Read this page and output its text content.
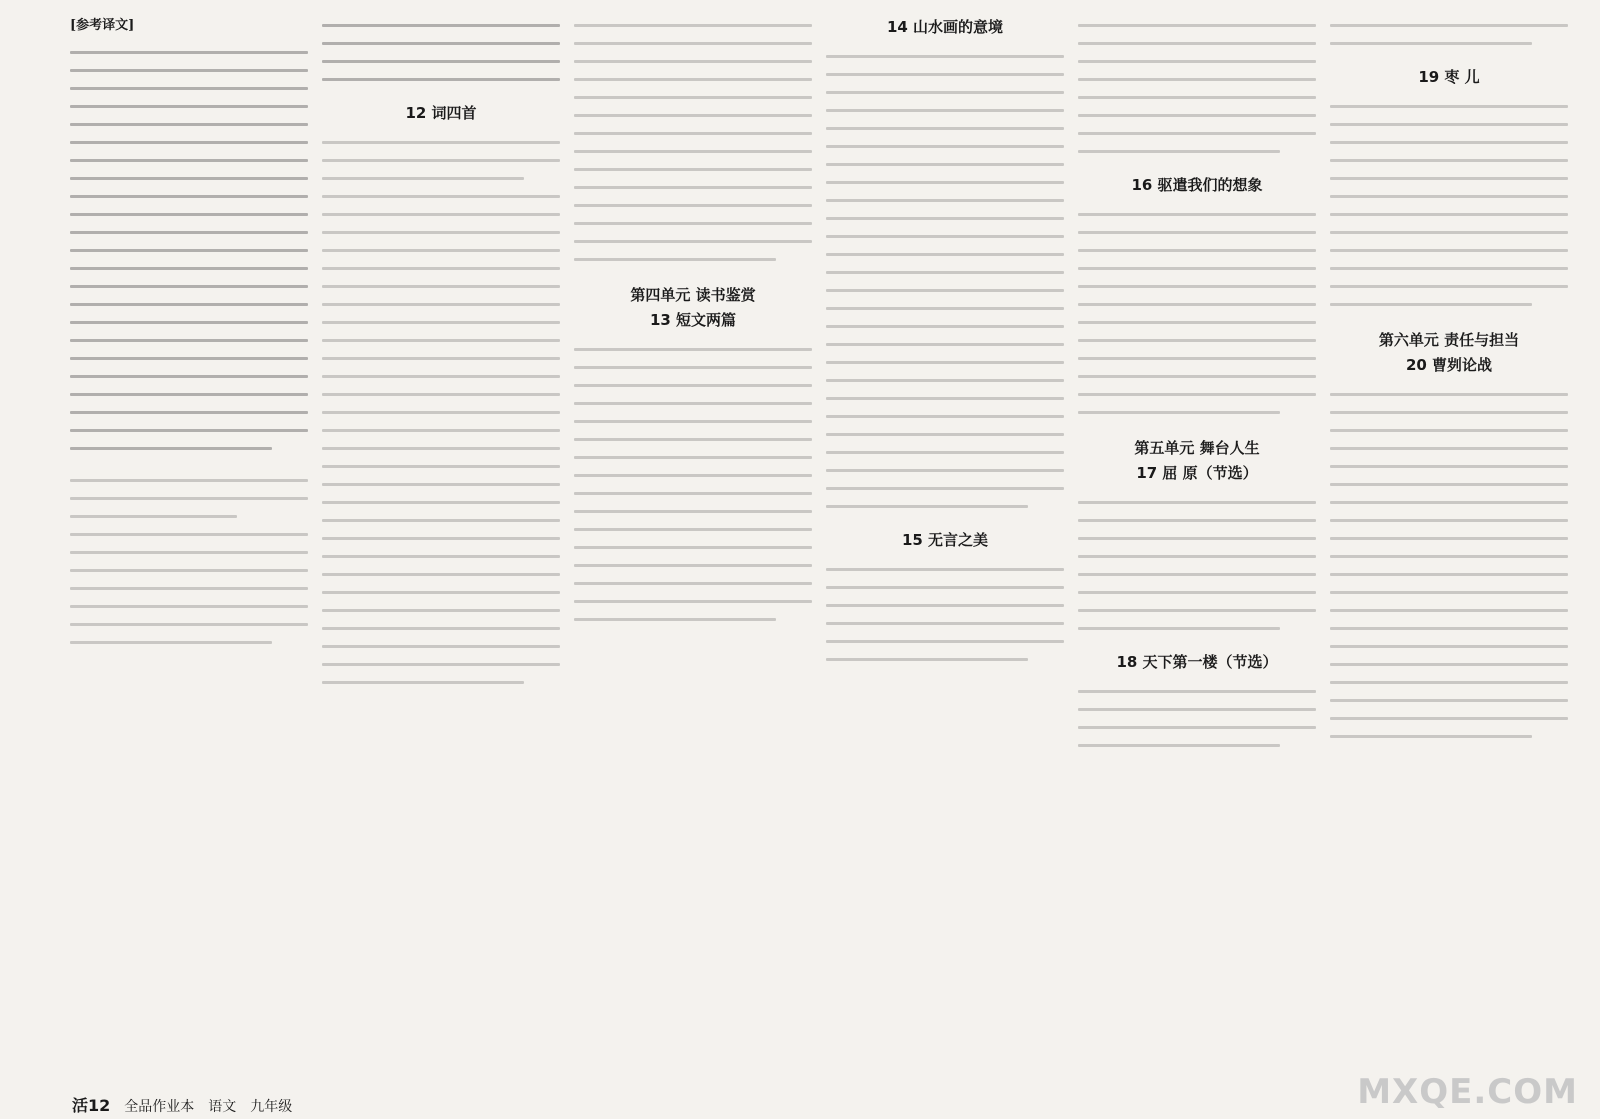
[参考译文]
12 词四首
第四单元 读书鉴赏
13 短文两篇
14 山水画的意境
15 无言之美
16 驱遣我们的想象
第五单元 舞台人生
17 屈 原（节选）
18 天下第一楼（节选）
19 枣 儿
第六单元 责任与担当
20 曹刿论战
活12 全品作业本 语文 九年级	MXQE.COM
